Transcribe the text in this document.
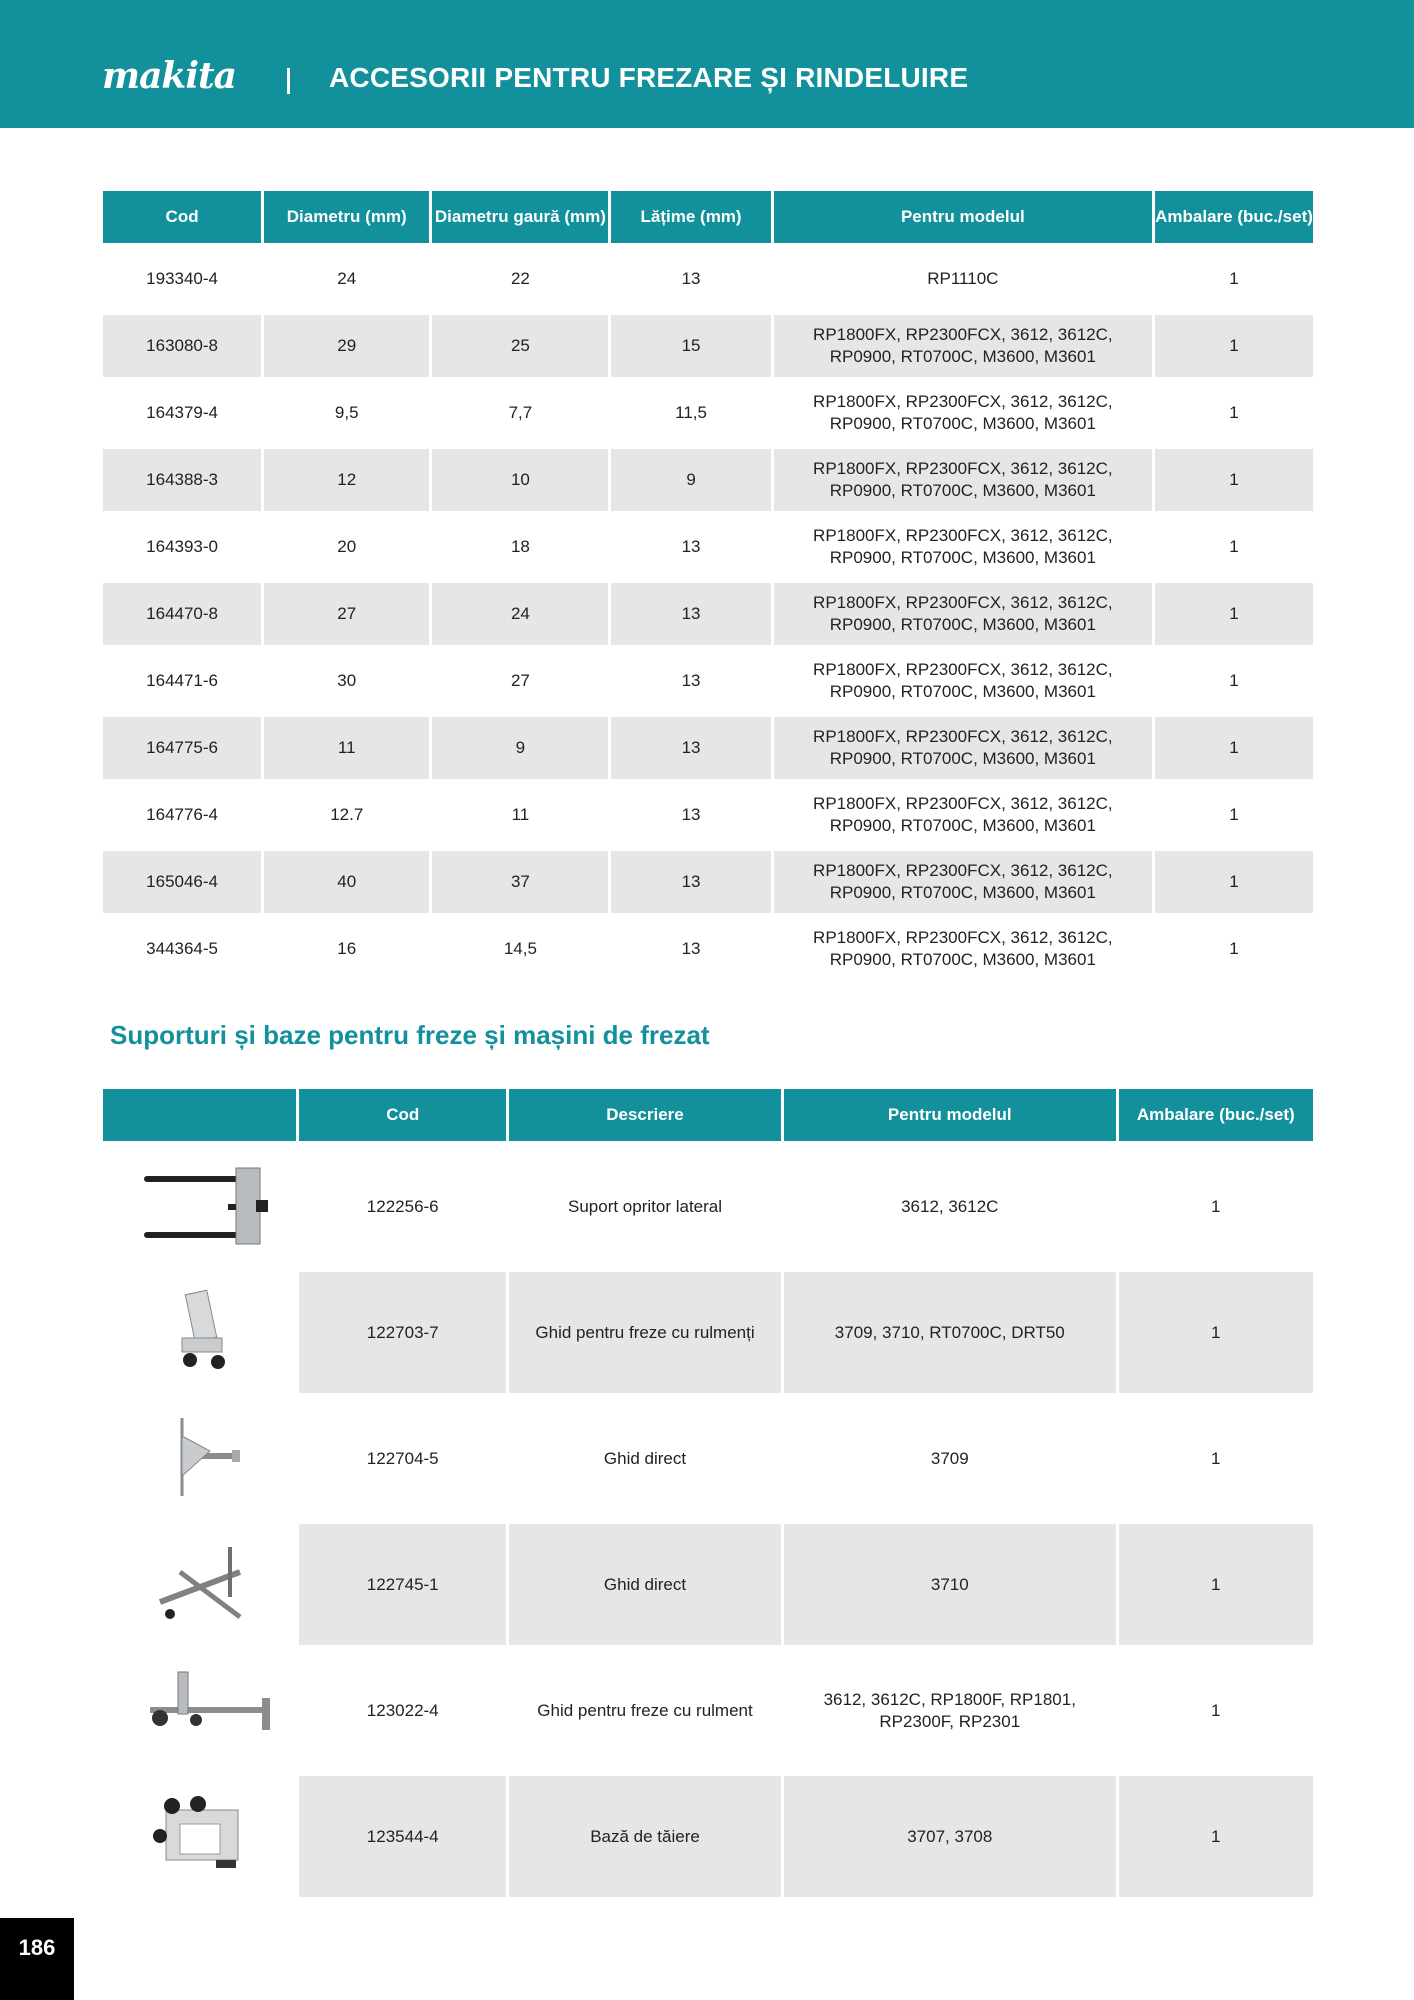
makita	ACCESORII PENTRU FREZARE ȘI RINDELUIRE
Cod	Diametru (mm)	Diametru gaură (mm)	Lățime (mm)	Pentru modelul	Ambalare (buc./set)
193340-4	24	22	13	RP1110C	1
163080-8	29	25	15	RP1800FX, RP2300FCX, 3612, 3612C,
RP0900, RT0700C, M3600, M3601	1
164379-4	9,5	7,7	11,5	RP1800FX, RP2300FCX, 3612, 3612C,
RP0900, RT0700C, M3600, M3601	1
164388-3	12	10	9	RP1800FX, RP2300FCX, 3612, 3612C,
RP0900, RT0700C, M3600, M3601	1
164393-0	20	18	13	RP1800FX, RP2300FCX, 3612, 3612C,
RP0900, RT0700C, M3600, M3601	1
164470-8	27	24	13	RP1800FX, RP2300FCX, 3612, 3612C,
RP0900, RT0700C, M3600, M3601	1
164471-6	30	27	13	RP1800FX, RP2300FCX, 3612, 3612C,
RP0900, RT0700C, M3600, M3601	1
164775-6	11	9	13	RP1800FX, RP2300FCX, 3612, 3612C,
RP0900, RT0700C, M3600, M3601	1
164776-4	12.7	11	13	RP1800FX, RP2300FCX, 3612, 3612C,
RP0900, RT0700C, M3600, M3601	1
165046-4	40	37	13	RP1800FX, RP2300FCX, 3612, 3612C,
RP0900, RT0700C, M3600, M3601	1
344364-5	16	14,5	13	RP1800FX, RP2300FCX, 3612, 3612C,
RP0900, RT0700C, M3600, M3601	1
Suporturi și baze pentru freze și mașini de frezat
	Cod	Descriere	Pentru modelul	Ambalare (buc./set)
	122256-6	Suport opritor lateral	3612, 3612C	1
	122703-7	Ghid pentru freze cu rulmenți	3709, 3710, RT0700C, DRT50	1
	122704-5	Ghid direct	3709	1
	122745-1	Ghid direct	3710	1
	123022-4	Ghid pentru freze cu rulment	3612, 3612C, RP1800F, RP1801,
RP2300F, RP2301	1
	123544-4	Bază de tăiere	3707, 3708	1
186
